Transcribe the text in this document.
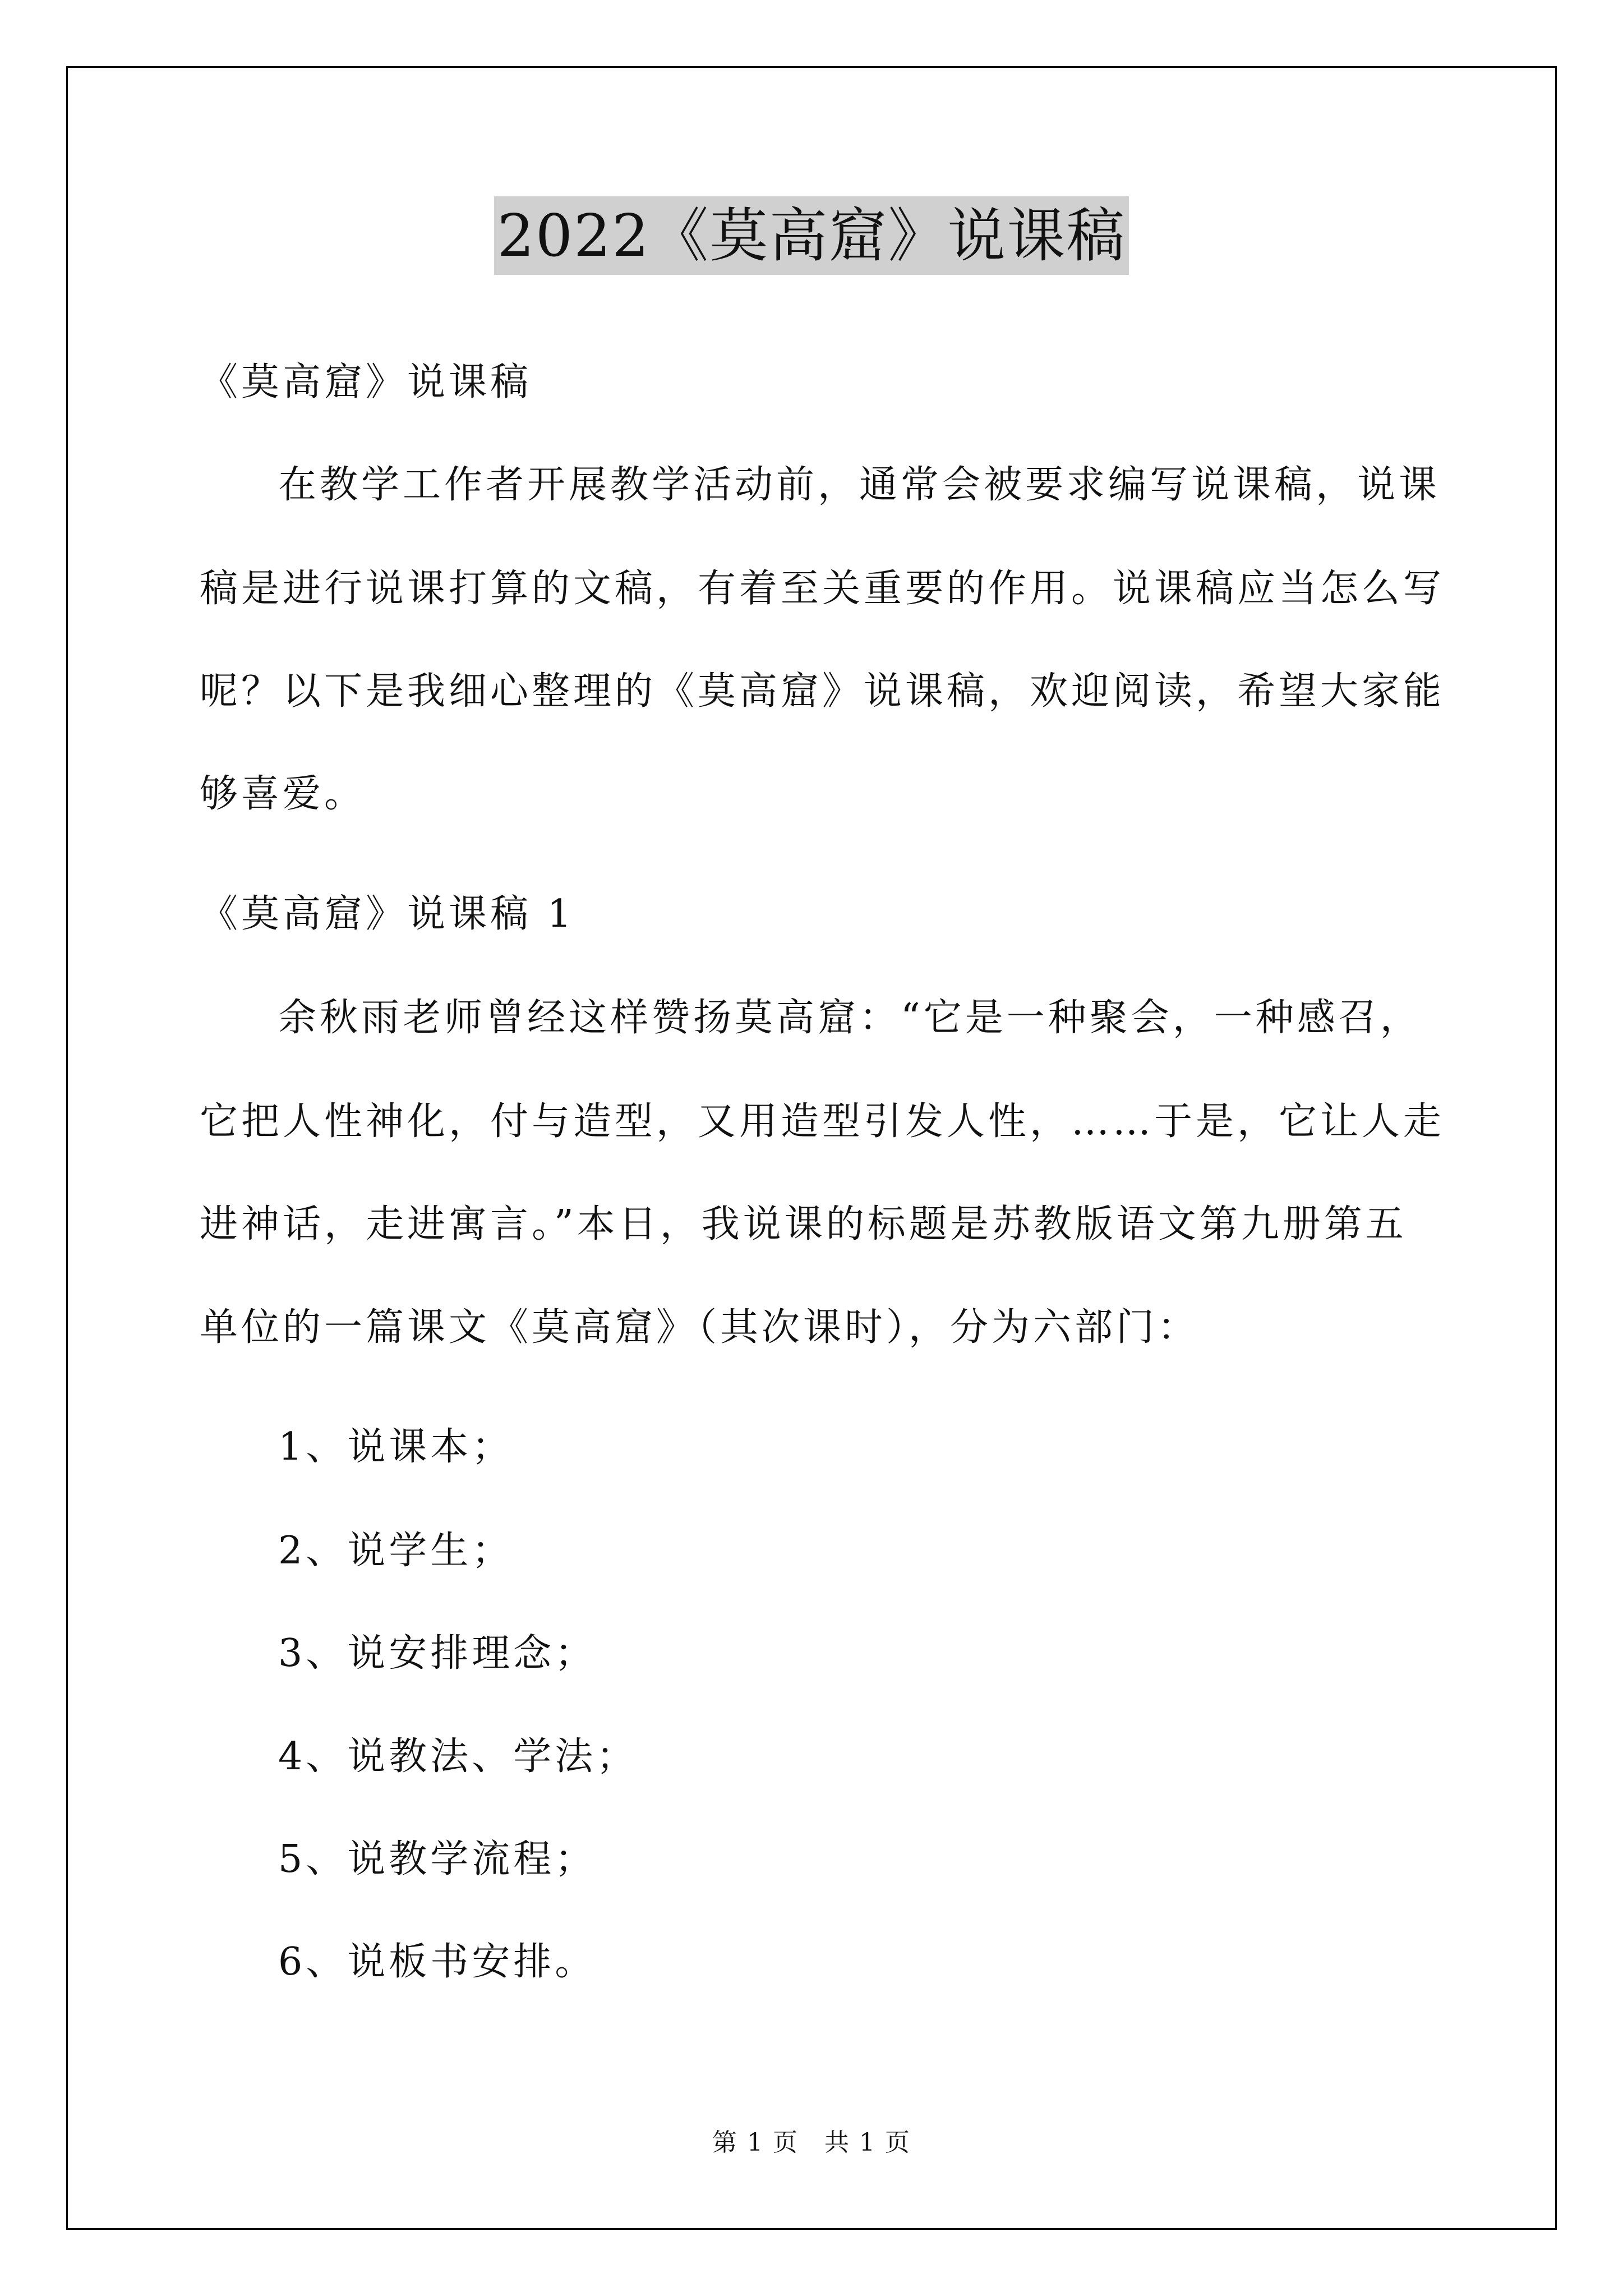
2022《莫高窟》说课稿
《莫高窟》说课稿
在教学工作者开展教学活动前，通常会被要求编写说课稿，说课
稿是进行说课打算的文稿，有着至关重要的作用。说课稿应当怎么写
呢？以下是我细心整理的《莫高窟》说课稿，欢迎阅读，希望大家能
够喜爱。
《莫高窟》说课稿 1
余秋雨老师曾经这样赞扬莫高窟：“它是一种聚会，一种感召，
它把人性神化，付与造型，又用造型引发人性，……于是，它让人走
进神话，走进寓言。”本日，我说课的标题是苏教版语文第九册第五
单位的一篇课文《莫高窟》（其次课时），分为六部门：
1、说课本；
2、说学生；
3、说安排理念；
4、说教法、学法；
5、说教学流程；
6、说板书安排。
第 1 页　共 1 页
